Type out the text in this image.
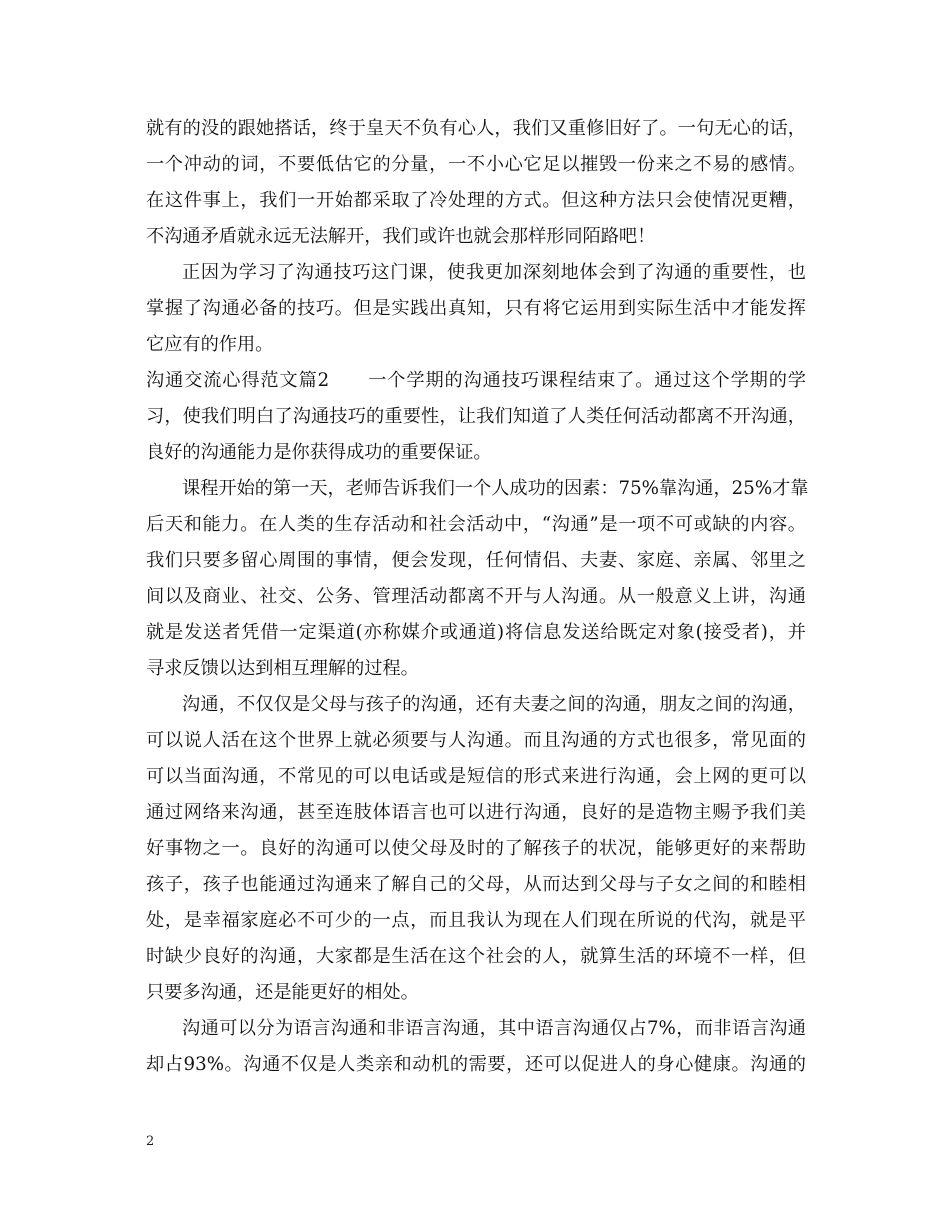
就有的没的跟她搭话，终于皇天不负有心人，我们又重修旧好了。一句无心的话，
一个冲动的词，不要低估它的分量，一不小心它足以摧毁一份来之不易的感情。
在这件事上，我们一开始都采取了冷处理的方式。但这种方法只会使情况更糟，
不沟通矛盾就永远无法解开，我们或许也就会那样形同陌路吧！
正因为学习了沟通技巧这门课，使我更加深刻地体会到了沟通的重要性，也
掌握了沟通必备的技巧。但是实践出真知，只有将它运用到实际生活中才能发挥
它应有的作用。
沟通交流心得范文篇2　　一个学期的沟通技巧课程结束了。通过这个学期的学
习，使我们明白了沟通技巧的重要性，让我们知道了人类任何活动都离不开沟通，
良好的沟通能力是你获得成功的重要保证。
课程开始的第一天，老师告诉我们一个人成功的因素：75%靠沟通，25%才靠
后天和能力。在人类的生存活动和社会活动中，“沟通”是一项不可或缺的内容。
我们只要多留心周围的事情，便会发现，任何情侣、夫妻、家庭、亲属、邻里之
间以及商业、社交、公务、管理活动都离不开与人沟通。从一般意义上讲，沟通
就是发送者凭借一定渠道(亦称媒介或通道)将信息发送给既定对象(接受者)，并
寻求反馈以达到相互理解的过程。
沟通，不仅仅是父母与孩子的沟通，还有夫妻之间的沟通，朋友之间的沟通，
可以说人活在这个世界上就必须要与人沟通。而且沟通的方式也很多，常见面的
可以当面沟通，不常见的可以电话或是短信的形式来进行沟通，会上网的更可以
通过网络来沟通，甚至连肢体语言也可以进行沟通，良好的是造物主赐予我们美
好事物之一。良好的沟通可以使父母及时的了解孩子的状况，能够更好的来帮助
孩子，孩子也能通过沟通来了解自己的父母，从而达到父母与子女之间的和睦相
处，是幸福家庭必不可少的一点，而且我认为现在人们现在所说的代沟，就是平
时缺少良好的沟通，大家都是生活在这个社会的人，就算生活的环境不一样，但
只要多沟通，还是能更好的相处。
沟通可以分为语言沟通和非语言沟通，其中语言沟通仅占7%，而非语言沟通
却占93%。沟通不仅是人类亲和动机的需要，还可以促进人的身心健康。沟通的
2
